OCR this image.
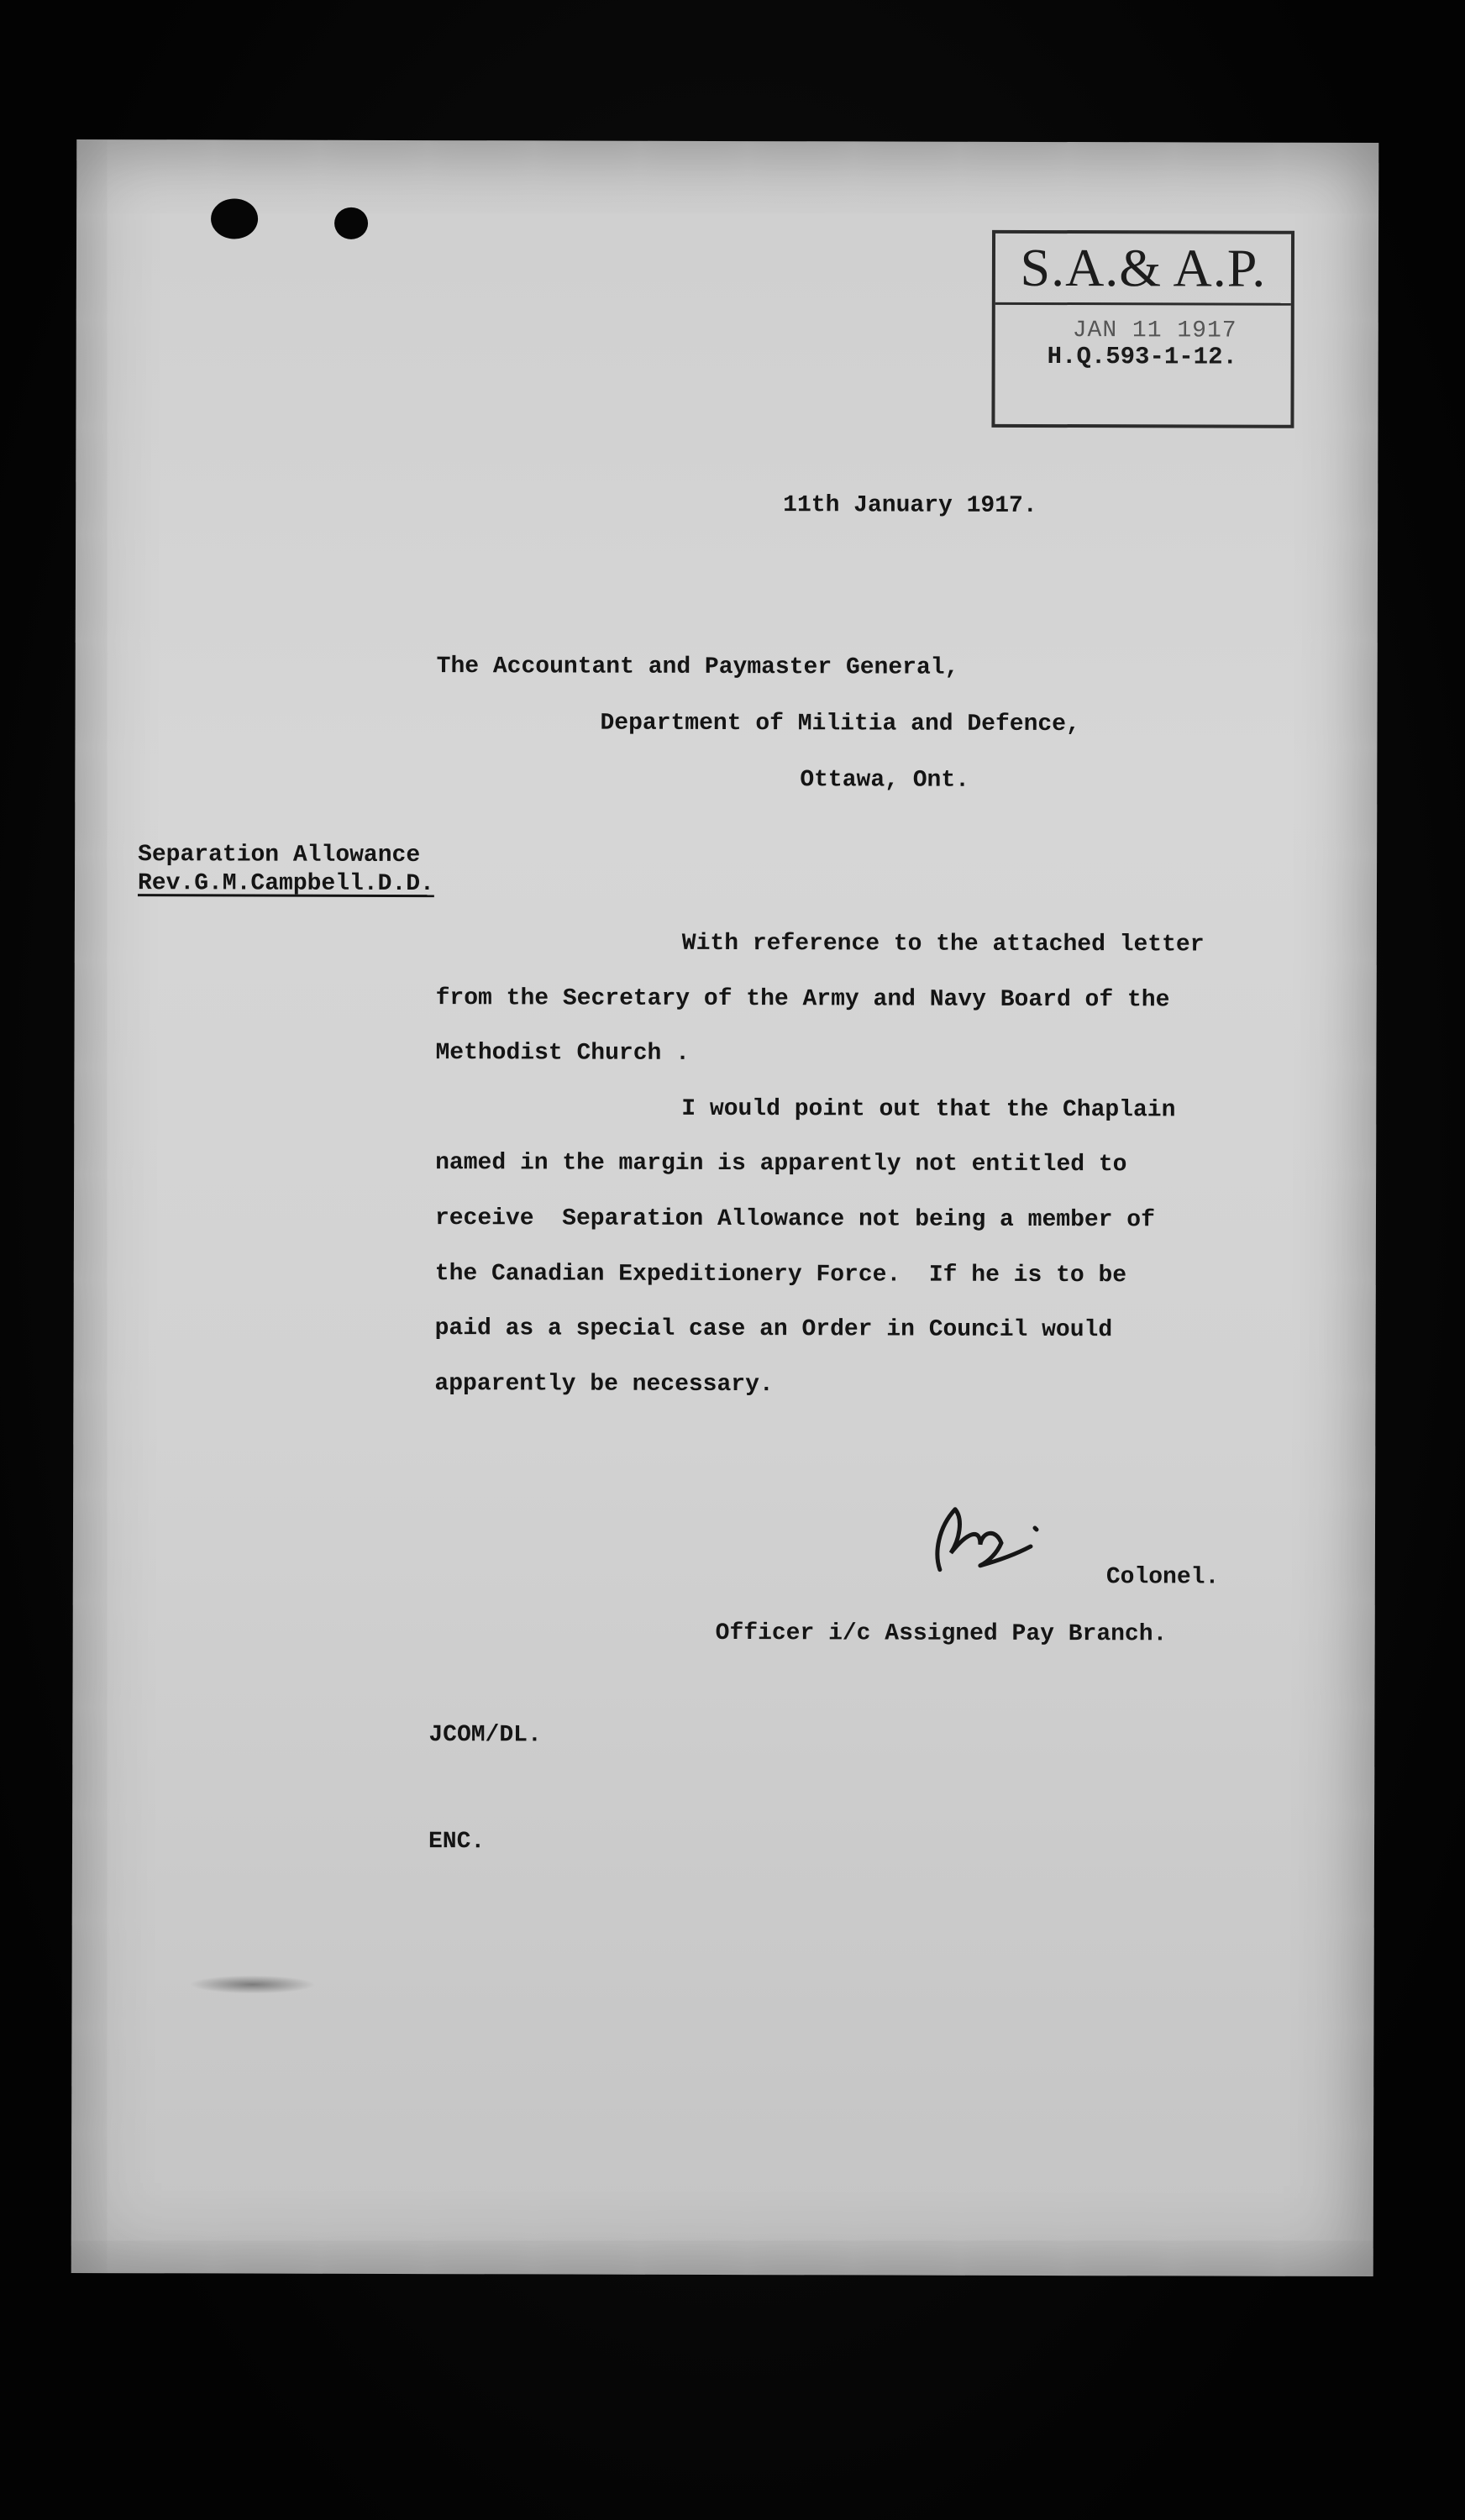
S.A.& A.P.
JAN 11 1917
H.Q.593-1-12.
11th January 1917.
The Accountant and Paymaster General,
Department of Militia and Defence,
Ottawa, Ont.
Separation Allowance
Rev.G.M.Campbell.D.D.
With reference to the attached letter
from the Secretary of the Army and Navy Board of the
Methodist Church .
I would point out that the Chaplain
named in the margin is apparently not entitled to
receive  Separation Allowance not being a member of
the Canadian Expeditionery Force.  If he is to be
paid as a special case an Order in Council would
apparently be necessary.
Colonel.
Officer i/c Assigned Pay Branch.
JCOM/DL.
ENC.
